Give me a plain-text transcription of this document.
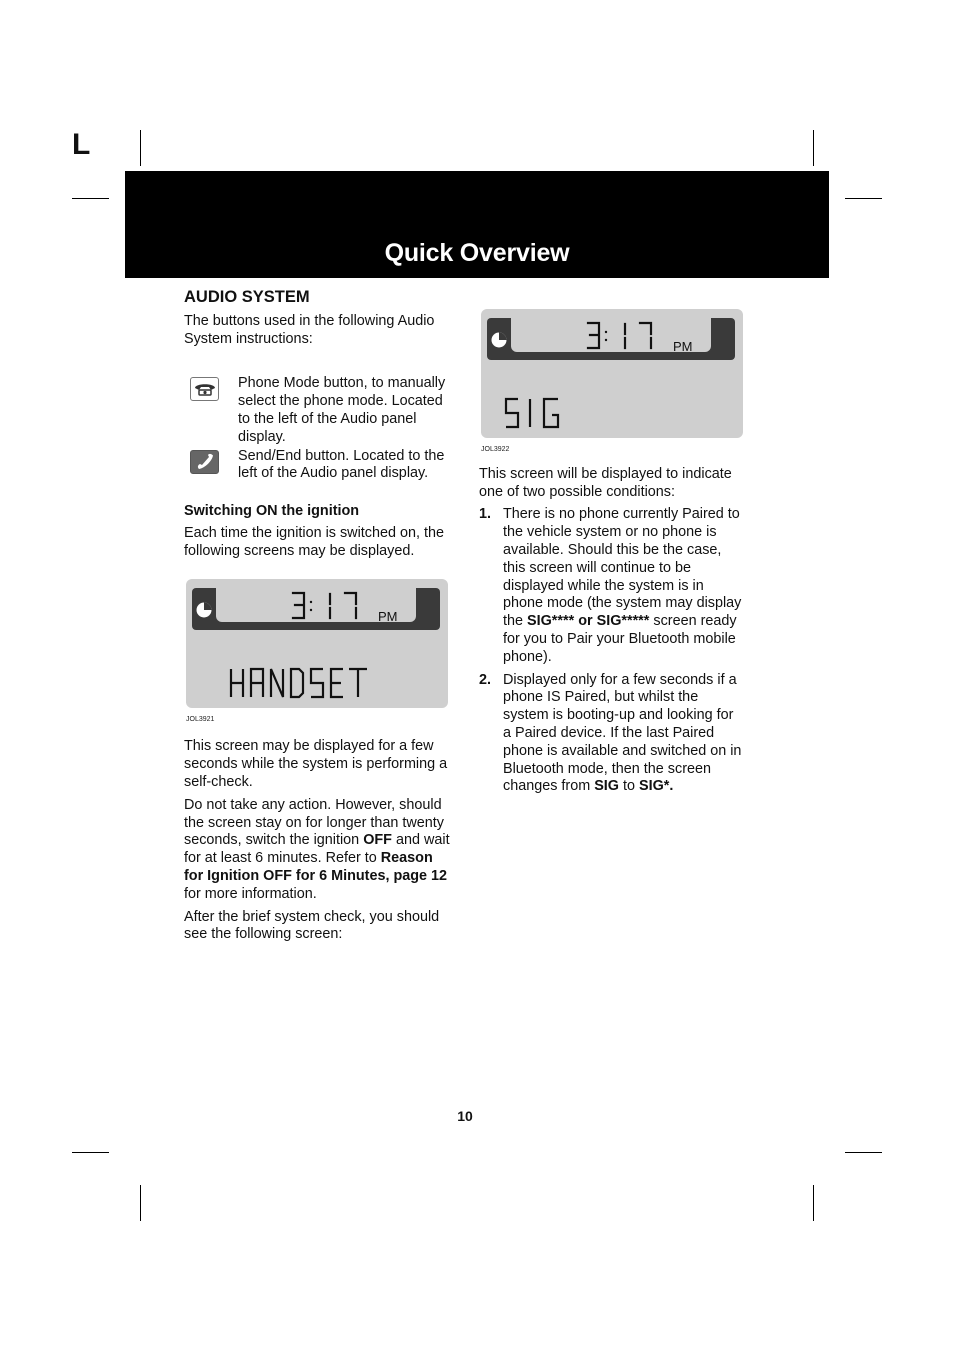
L
Quick Overview
AUDIO SYSTEM

The buttons used in the following Audio System instructions:

Phone Mode button, to manually select the phone mode. Located to the left of the Audio panel display.
Send/End button. Located to the left of the Audio panel display.
Switching ON the ignition

Each time the ignition is switched on, the following screens may be displayed.

PM
JOL3921

This screen may be displayed for a few seconds while the system is performing a self-check.

Do not take any action. However, should the screen stay on for longer than twenty seconds, switch the ignition OFF and wait for at least 6 minutes. Refer to Reason for Ignition OFF for 6 Minutes, page 12 for more information.

After the brief system check, you should see the following screen:

PM
JOL3922

This screen will be displayed to indicate one of two possible conditions:

1. There is no phone currently Paired to the vehicle system or no phone is available. Should this be the case, this screen will continue to be displayed while the system is in phone mode (the system may display the SIG**** or SIG***** screen ready for you to Pair your Bluetooth mobile phone).
2. Displayed only for a few seconds if a phone IS Paired, but whilst the system is booting-up and looking for a Paired device. If the last Paired phone is available and switched on in Bluetooth mode, then the screen changes from SIG to SIG*.
10
